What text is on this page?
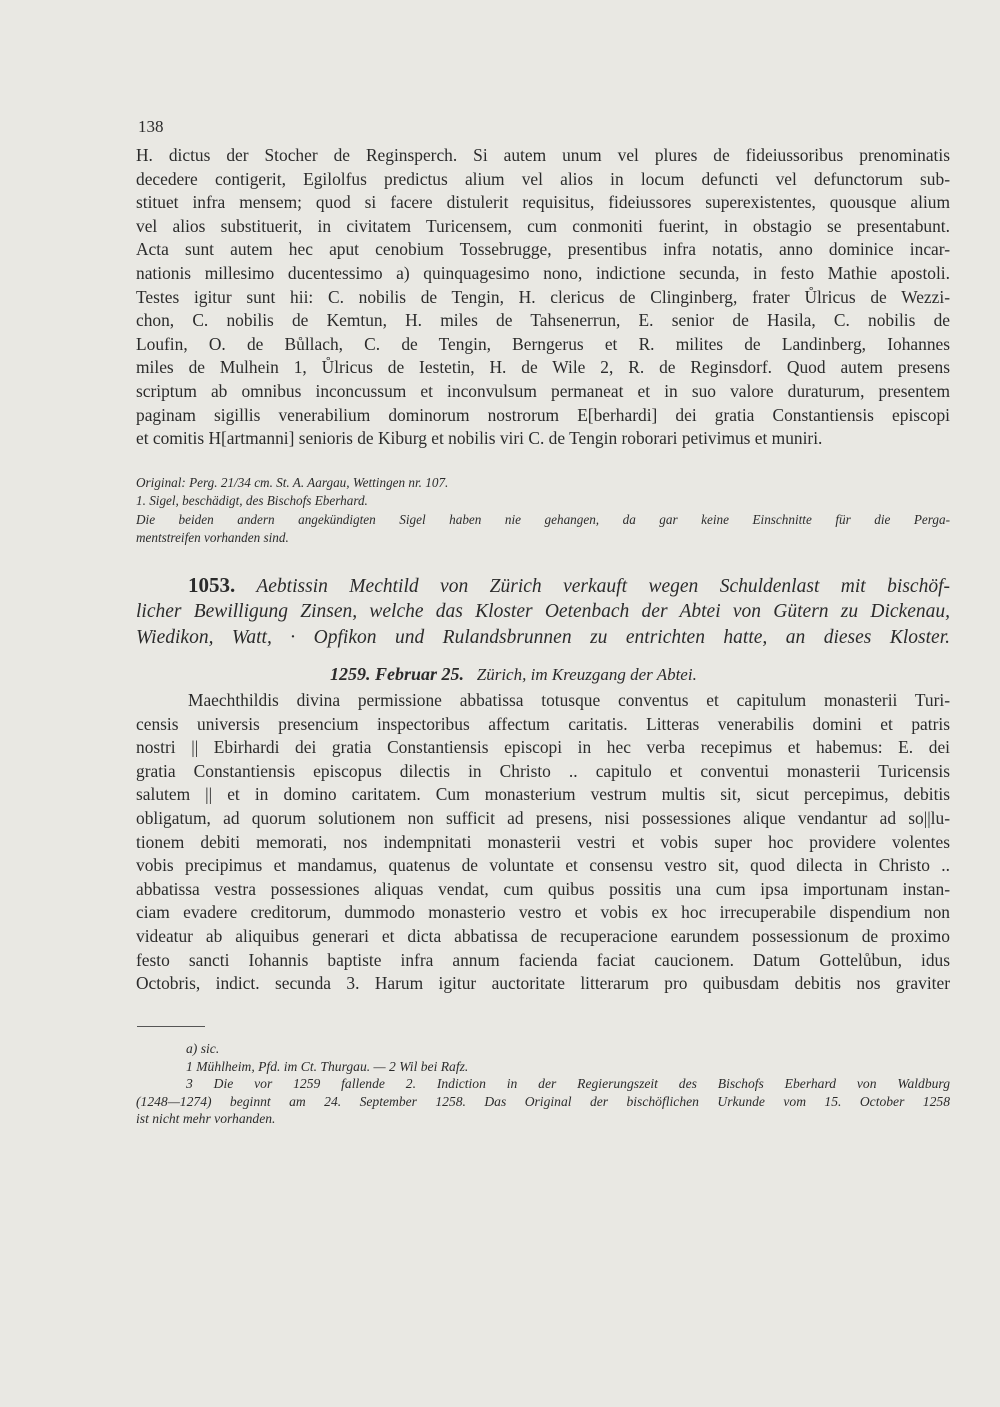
138
H. dictus der Stocher de Reginsperch. Si autem unum vel plures de fideiussoribus prenominatis
decedere contigerit, Egilolfus predictus alium vel alios in locum defuncti vel defunctorum sub-
stituet infra mensem; quod si facere distulerit requisitus, fideiussores superexistentes, quousque alium
vel alios substituerit, in civitatem Turicensem, cum conmoniti fuerint, in obstagio se presentabunt.
Acta sunt autem hec aput cenobium Tossebrugge, presentibus infra notatis, anno dominice incar-
nationis millesimo ducentessimo a) quinquagesimo nono, indictione secunda, in festo Mathie apostoli.
Testes igitur sunt hii: C. nobilis de Tengin, H. clericus de Clinginberg, frater Ůlricus de Wezzi-
chon, C. nobilis de Kemtun, H. miles de Tahsenerrun, E. senior de Hasila, C. nobilis de
Loufin, O. de Bůllach, C. de Tengin, Berngerus et R. milites de Landinberg, Iohannes
miles de Mulhein 1, Ůlricus de Iestetin, H. de Wile 2, R. de Reginsdorf. Quod autem presens
scriptum ab omnibus inconcussum et inconvulsum permaneat et in suo valore duraturum, presentem
paginam sigillis venerabilium dominorum nostrorum E[berhardi] dei gratia Constantiensis episcopi
et comitis H[artmanni] senioris de Kiburg et nobilis viri C. de Tengin roborari petivimus et muniri.
Original: Perg. 21/34 cm. St. A. Aargau, Wettingen nr. 107.
1. Sigel, beschädigt, des Bischofs Eberhard.
Die beiden andern angekündigten Sigel haben nie gehangen, da gar keine Einschnitte für die Perga-
mentstreifen vorhanden sind.
1053. Aebtissin Mechtild von Zürich verkauft wegen Schuldenlast mit bischöf-
licher Bewilligung Zinsen, welche das Kloster Oetenbach der Abtei von Gütern zu Dickenau,
Wiedikon, Watt, · Opfikon und Rulandsbrunnen zu entrichten hatte, an dieses Kloster.
1259. Februar 25. Zürich, im Kreuzgang der Abtei.
Maechthildis divina permissione abbatissa totusque conventus et capitulum monasterii Turi-
censis universis presencium inspectoribus affectum caritatis. Litteras venerabilis domini et patris
nostri || Ebirhardi dei gratia Constantiensis episcopi in hec verba recepimus et habemus: E. dei
gratia Constantiensis episcopus dilectis in Christo .. capitulo et conventui monasterii Turicensis
salutem || et in domino caritatem. Cum monasterium vestrum multis sit, sicut percepimus, debitis
obligatum, ad quorum solutionem non sufficit ad presens, nisi possessiones alique vendantur ad so||lu-
tionem debiti memorati, nos indempnitati monasterii vestri et vobis super hoc providere volentes
vobis precipimus et mandamus, quatenus de voluntate et consensu vestro sit, quod dilecta in Christo ..
abbatissa vestra possessiones aliquas vendat, cum quibus possitis una cum ipsa importunam instan-
ciam evadere creditorum, dummodo monasterio vestro et vobis ex hoc irrecuperabile dispendium non
videatur ab aliquibus generari et dicta abbatissa de recuperacione earundem possessionum de proximo
festo sancti Iohannis baptiste infra annum facienda faciat caucionem. Datum Gottelůbun, idus
Octobris, indict. secunda 3. Harum igitur auctoritate litterarum pro quibusdam debitis nos graviter
a) sic.
1 Mühlheim, Pfd. im Ct. Thurgau. — 2 Wil bei Rafz.
3 Die vor 1259 fallende 2. Indiction in der Regierungszeit des Bischofs Eberhard von Waldburg
(1248—1274) beginnt am 24. September 1258. Das Original der bischöflichen Urkunde vom 15. October 1258
ist nicht mehr vorhanden.
